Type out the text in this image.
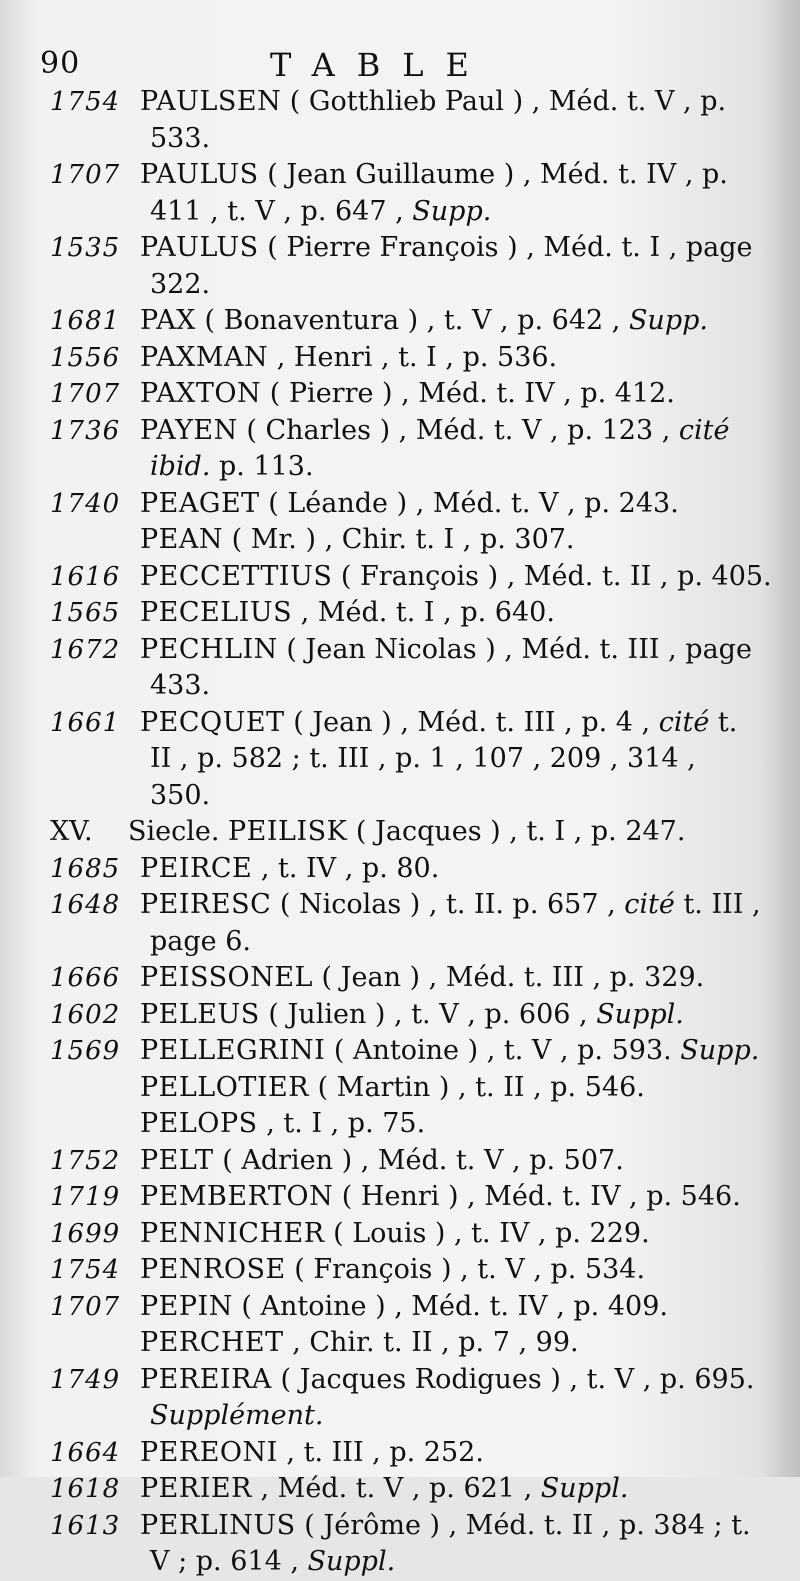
90	TABLE
1754 PAULSEN ( Gotthlieb Paul ) , Méd. t. V , p.
533.
1707 PAULUS ( Jean Guillaume ) , Méd. t. IV , p.
411 , t. V , p. 647 , Supp.
1535 PAULUS ( Pierre François ) , Méd. t. I , page
322.
1681 PAX ( Bonaventura ) , t. V , p. 642 , Supp.
1556 PAXMAN , Henri , t. I , p. 536.
1707 PAXTON ( Pierre ) , Méd. t. IV , p. 412.
1736 PAYEN ( Charles ) , Méd. t. V , p. 123 , cité
ibid. p. 113.
1740 PEAGET ( Léande ) , Méd. t. V , p. 243.
PEAN ( Mr. ) , Chir. t. I , p. 307.
1616 PECCETTIUS ( François ) , Méd. t. II , p. 405.
1565 PECELIUS , Méd. t. I , p. 640.
1672 PECHLIN ( Jean Nicolas ) , Méd. t. III , page
433.
1661 PECQUET ( Jean ) , Méd. t. III , p. 4 , cité t.
II , p. 582 ; t. III , p. 1 , 107 , 209 , 314 ,
350.
XV. Siecle. PEILISK ( Jacques ) , t. I , p. 247.
1685 PEIRCE , t. IV , p. 80.
1648 PEIRESC ( Nicolas ) , t. II. p. 657 , cité t. III ,
page 6.
1666 PEISSONEL ( Jean ) , Méd. t. III , p. 329.
1602 PELEUS ( Julien ) , t. V , p. 606 , Suppl.
1569 PELLEGRINI ( Antoine ) , t. V , p. 593. Supp.
PELLOTIER ( Martin ) , t. II , p. 546.
PELOPS , t. I , p. 75.
1752 PELT ( Adrien ) , Méd. t. V , p. 507.
1719 PEMBERTON ( Henri ) , Méd. t. IV , p. 546.
1699 PENNICHER ( Louis ) , t. IV , p. 229.
1754 PENROSE ( François ) , t. V , p. 534.
1707 PEPIN ( Antoine ) , Méd. t. IV , p. 409.
PERCHET , Chir. t. II , p. 7 , 99.
1749 PEREIRA ( Jacques Rodigues ) , t. V , p. 695.
Supplément.
1664 PEREONI , t. III , p. 252.
1618 PERIER , Méd. t. V , p. 621 , Suppl.
1613 PERLINUS ( Jérôme ) , Méd. t. II , p. 384 ; t.
V ; p. 614 , Suppl.
